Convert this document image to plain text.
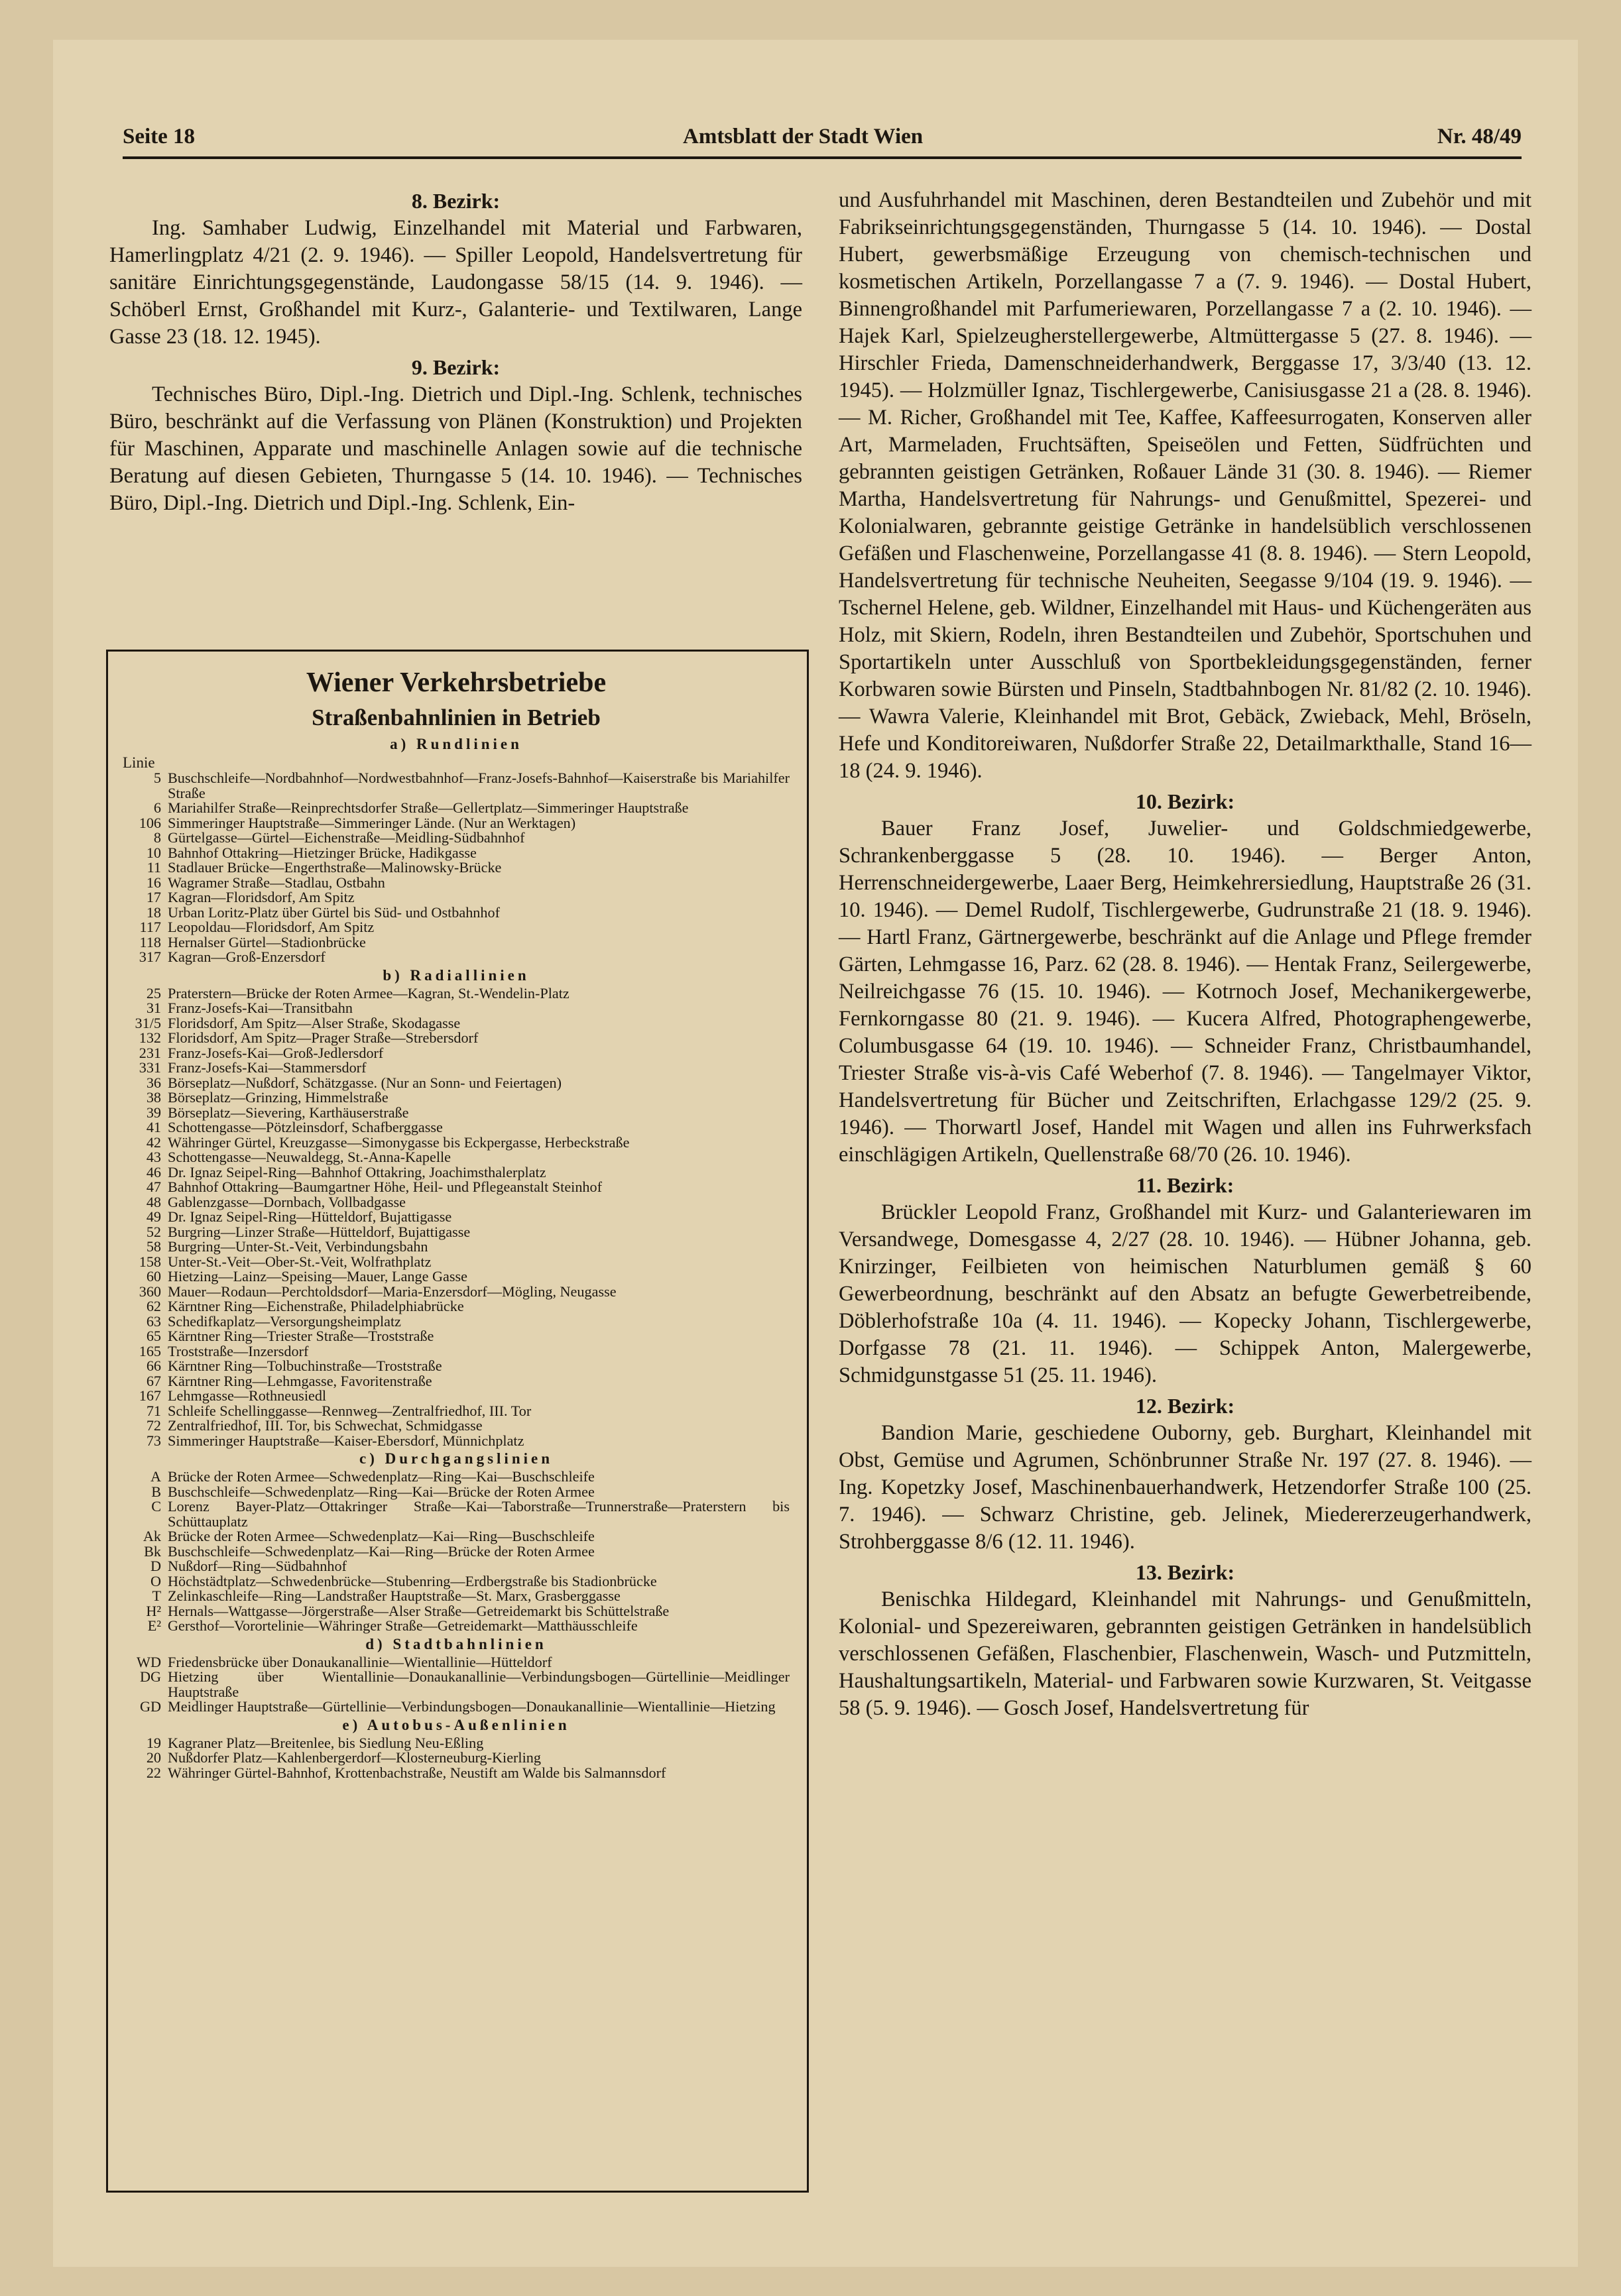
Seite 18	Amtsblatt der Stadt Wien	Nr. 48/49
8. Bezirk:

Ing. Samhaber Ludwig, Einzelhandel mit Material und Farbwaren, Hamerlingplatz 4/21 (2. 9. 1946). — Spiller Leopold, Handelsvertretung für sanitäre Einrichtungsgegenstände, Laudongasse 58/15 (14. 9. 1946). — Schöberl Ernst, Großhandel mit Kurz-, Galanterie- und Textilwaren, Lange Gasse 23 (18. 12. 1945).

9. Bezirk:

Technisches Büro, Dipl.-Ing. Dietrich und Dipl.-Ing. Schlenk, technisches Büro, beschränkt auf die Verfassung von Plänen (Konstruktion) und Projekten für Maschinen, Apparate und maschinelle Anlagen sowie auf die technische Beratung auf diesen Gebieten, Thurngasse 5 (14. 10. 1946). — Technisches Büro, Dipl.-Ing. Dietrich und Dipl.-Ing. Schlenk, Ein-

Wiener Verkehrsbetriebe
Straßenbahnlinien in Betrieb
a) Rundlinien
Linie
5 Buschschleife—Nordbahnhof—Nordwestbahnhof—Franz-Josefs-Bahnhof—Kaiserstraße bis Mariahilfer Straße
6 Mariahilfer Straße—Reinprechtsdorfer Straße—Gellertplatz—Simmeringer Hauptstraße
106 Simmeringer Hauptstraße—Simmeringer Lände. (Nur an Werktagen)
8 Gürtelgasse—Gürtel—Eichenstraße—Meidling-Südbahnhof
10 Bahnhof Ottakring—Hietzinger Brücke, Hadikgasse
11 Stadlauer Brücke—Engerthstraße—Malinowsky-Brücke
16 Wagramer Straße—Stadlau, Ostbahn
17 Kagran—Floridsdorf, Am Spitz
18 Urban Loritz-Platz über Gürtel bis Süd- und Ostbahnhof
117 Leopoldau—Floridsdorf, Am Spitz
118 Hernalser Gürtel—Stadionbrücke
317 Kagran—Groß-Enzersdorf
b) Radiallinien
25 Praterstern—Brücke der Roten Armee—Kagran, St.-Wendelin-Platz
31 Franz-Josefs-Kai—Transitbahn
31/5 Floridsdorf, Am Spitz—Alser Straße, Skodagasse
132 Floridsdorf, Am Spitz—Prager Straße—Strebersdorf
231 Franz-Josefs-Kai—Groß-Jedlersdorf
331 Franz-Josefs-Kai—Stammersdorf
36 Börseplatz—Nußdorf, Schätzgasse. (Nur an Sonn- und Feiertagen)
38 Börseplatz—Grinzing, Himmelstraße
39 Börseplatz—Sievering, Karthäuserstraße
41 Schottengasse—Pötzleinsdorf, Schafberggasse
42 Währinger Gürtel, Kreuzgasse—Simonygasse bis Eckpergasse, Herbeckstraße
43 Schottengasse—Neuwaldegg, St.-Anna-Kapelle
46 Dr. Ignaz Seipel-Ring—Bahnhof Ottakring, Joachimsthalerplatz
47 Bahnhof Ottakring—Baumgartner Höhe, Heil- und Pflegeanstalt Steinhof
48 Gablenzgasse—Dornbach, Vollbadgasse
49 Dr. Ignaz Seipel-Ring—Hütteldorf, Bujattigasse
52 Burgring—Linzer Straße—Hütteldorf, Bujattigasse
58 Burgring—Unter-St.-Veit, Verbindungsbahn
158 Unter-St.-Veit—Ober-St.-Veit, Wolfrathplatz
60 Hietzing—Lainz—Speising—Mauer, Lange Gasse
360 Mauer—Rodaun—Perchtoldsdorf—Maria-Enzersdorf—Mögling, Neugasse
62 Kärntner Ring—Eichenstraße, Philadelphiabrücke
63 Schedifkaplatz—Versorgungsheimplatz
65 Kärntner Ring—Triester Straße—Troststraße
165 Troststraße—Inzersdorf
66 Kärntner Ring—Tolbuchinstraße—Troststraße
67 Kärntner Ring—Lehmgasse, Favoritenstraße
167 Lehmgasse—Rothneusiedl
71 Schleife Schellinggasse—Rennweg—Zentralfriedhof, III. Tor
72 Zentralfriedhof, III. Tor, bis Schwechat, Schmidgasse
73 Simmeringer Hauptstraße—Kaiser-Ebersdorf, Münnichplatz
c) Durchgangslinien
A Brücke der Roten Armee—Schwedenplatz—Ring—Kai—Buschschleife
B Buschschleife—Schwedenplatz—Ring—Kai—Brücke der Roten Armee
C Lorenz Bayer-Platz—Ottakringer Straße—Kai—Taborstraße—Trunnerstraße—Praterstern bis Schüttauplatz
Ak Brücke der Roten Armee—Schwedenplatz—Kai—Ring—Buschschleife
Bk Buschschleife—Schwedenplatz—Kai—Ring—Brücke der Roten Armee
D Nußdorf—Ring—Südbahnhof
O Höchstädtplatz—Schwedenbrücke—Stubenring—Erdbergstraße bis Stadionbrücke
T Zelinkaschleife—Ring—Landstraßer Hauptstraße—St. Marx, Grasberggasse
H² Hernals—Wattgasse—Jörgerstraße—Alser Straße—Getreidemarkt bis Schüttelstraße
E² Gersthof—Vorortelinie—Währinger Straße—Getreidemarkt—Matthäusschleife
d) Stadtbahnlinien
WD Friedensbrücke über Donaukanallinie—Wientallinie—Hütteldorf
DG Hietzing über Wientallinie—Donaukanallinie—Verbindungsbogen—Gürtellinie—Meidlinger Hauptstraße
GD Meidlinger Hauptstraße—Gürtellinie—Verbindungsbogen—Donaukanallinie—Wientallinie—Hietzing
e) Autobus-Außenlinien
19 Kagraner Platz—Breitenlee, bis Siedlung Neu-Eßling
20 Nußdorfer Platz—Kahlenbergerdorf—Klosterneuburg-Kierling
22 Währinger Gürtel-Bahnhof, Krottenbachstraße, Neustift am Walde bis Salmannsdorf

und Ausfuhrhandel mit Maschinen, deren Bestandteilen und Zubehör und mit Fabrikseinrichtungsgegenständen, Thurngasse 5 (14. 10. 1946). — Dostal Hubert, gewerbsmäßige Erzeugung von chemisch-technischen und kosmetischen Artikeln, Porzellangasse 7 a (7. 9. 1946). — Dostal Hubert, Binnengroßhandel mit Parfumeriewaren, Porzellangasse 7 a (2. 10. 1946). — Hajek Karl, Spielzeugherstellergewerbe, Altmüttergasse 5 (27. 8. 1946). — Hirschler Frieda, Damenschneiderhandwerk, Berggasse 17, 3/3/40 (13. 12. 1945). — Holzmüller Ignaz, Tischlergewerbe, Canisiusgasse 21 a (28. 8. 1946). — M. Richer, Großhandel mit Tee, Kaffee, Kaffeesurrogaten, Konserven aller Art, Marmeladen, Fruchtsäften, Speiseölen und Fetten, Südfrüchten und gebrannten geistigen Getränken, Roßauer Lände 31 (30. 8. 1946). — Riemer Martha, Handelsvertretung für Nahrungs- und Genußmittel, Spezerei- und Kolonialwaren, gebrannte geistige Getränke in handelsüblich verschlossenen Gefäßen und Flaschenweine, Porzellangasse 41 (8. 8. 1946). — Stern Leopold, Handelsvertretung für technische Neuheiten, Seegasse 9/104 (19. 9. 1946). — Tschernel Helene, geb. Wildner, Einzelhandel mit Haus- und Küchengeräten aus Holz, mit Skiern, Rodeln, ihren Bestandteilen und Zubehör, Sportschuhen und Sportartikeln unter Ausschluß von Sportbekleidungsgegenständen, ferner Korbwaren sowie Bürsten und Pinseln, Stadtbahnbogen Nr. 81/82 (2. 10. 1946). — Wawra Valerie, Kleinhandel mit Brot, Gebäck, Zwieback, Mehl, Bröseln, Hefe und Konditoreiwaren, Nußdorfer Straße 22, Detailmarkthalle, Stand 16—18 (24. 9. 1946).

10. Bezirk:

Bauer Franz Josef, Juwelier- und Goldschmiedgewerbe, Schrankenberggasse 5 (28. 10. 1946). — Berger Anton, Herrenschneidergewerbe, Laaer Berg, Heimkehrersiedlung, Hauptstraße 26 (31. 10. 1946). — Demel Rudolf, Tischlergewerbe, Gudrunstraße 21 (18. 9. 1946). — Hartl Franz, Gärtnergewerbe, beschränkt auf die Anlage und Pflege fremder Gärten, Lehmgasse 16, Parz. 62 (28. 8. 1946). — Hentak Franz, Seilergewerbe, Neilreichgasse 76 (15. 10. 1946). — Kotrnoch Josef, Mechanikergewerbe, Fernkorngasse 80 (21. 9. 1946). — Kucera Alfred, Photographengewerbe, Columbusgasse 64 (19. 10. 1946). — Schneider Franz, Christbaumhandel, Triester Straße vis-à-vis Café Weberhof (7. 8. 1946). — Tangelmayer Viktor, Handelsvertretung für Bücher und Zeitschriften, Erlachgasse 129/2 (25. 9. 1946). — Thorwartl Josef, Handel mit Wagen und allen ins Fuhrwerksfach einschlägigen Artikeln, Quellenstraße 68/70 (26. 10. 1946).

11. Bezirk:

Brückler Leopold Franz, Großhandel mit Kurz- und Galanteriewaren im Versandwege, Domesgasse 4, 2/27 (28. 10. 1946). — Hübner Johanna, geb. Knirzinger, Feilbieten von heimischen Naturblumen gemäß § 60 Gewerbeordnung, beschränkt auf den Absatz an befugte Gewerbetreibende, Döblerhofstraße 10a (4. 11. 1946). — Kopecky Johann, Tischlergewerbe, Dorfgasse 78 (21. 11. 1946). — Schippek Anton, Malergewerbe, Schmidgunstgasse 51 (25. 11. 1946).

12. Bezirk:

Bandion Marie, geschiedene Ouborny, geb. Burghart, Kleinhandel mit Obst, Gemüse und Agrumen, Schönbrunner Straße Nr. 197 (27. 8. 1946). — Ing. Kopetzky Josef, Maschinenbauerhandwerk, Hetzendorfer Straße 100 (25. 7. 1946). — Schwarz Christine, geb. Jelinek, Miedererzeugerhandwerk, Strohberggasse 8/6 (12. 11. 1946).

13. Bezirk:

Benischka Hildegard, Kleinhandel mit Nahrungs- und Genußmitteln, Kolonial- und Spezereiwaren, gebrannten geistigen Getränken in handelsüblich verschlossenen Gefäßen, Flaschenbier, Flaschenwein, Wasch- und Putzmitteln, Haushaltungsartikeln, Material- und Farbwaren sowie Kurzwaren, St. Veitgasse 58 (5. 9. 1946). — Gosch Josef, Handelsvertretung für
